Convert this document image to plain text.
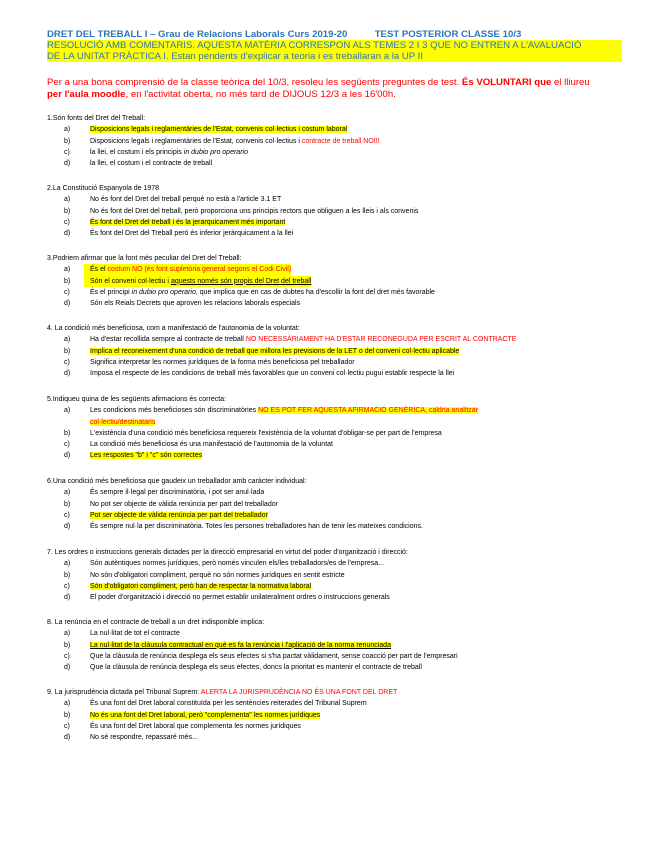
DRET DEL TREBALL I – Grau de Relacions Laborals Curs 2019-20	TEST POSTERIOR CLASSE 10/3
RESOLUCIÓ AMB COMENTARIS. AQUESTA MATÈRIA CORRESPON ALS TEMES 2 I 3 QUE NO ENTREN A L'AVALUACIÓ
DE LA UNITAT PRÀCTICA I. Estan pendents d'explicar a teoria i es treballaran a la UP II
Per a una bona comprensió de la classe teòrica del 10/3, resoleu les següents preguntes de test. És VOLUNTARI que el lliureu
per l'aula moodle, en l'activitat oberta, no més tard de DIJOUS 12/3 a les 16'00h.
1.Són fonts del Dret del Treball:
a)	Disposicions legals i reglamentàries de l'Estat, convenis col·lectius i costum laboral
b)	Disposicions legals i reglamentàries de l'Estat, convenis col·lectius i contracte de treball NO!!!
c)	la llei, el costum i els principis in dubio pro operario
d)	la llei, el costum i el contracte de treball
2.La Constitució Espanyola de 1978
a)	No és font del Dret del treball perquè no està a l'article 3.1 ET
b)	No és font del Dret del treball, però proporciona uns principis rectors que obliguen a les lleis i als convenis
c)	És font del Dret del treball i és la jerarquicament més important
d)	És font del Dret del Treball però és inferior jeràrquicament a la llei
3.Podriem afirmar que la font més peculiar del Dret del Treball:
a)	És el costum NO (és font supletòria general segons el Codi Civil)
b)	Són el conveni col·lectiu i aquests només són propis del Dret del treball
c)	És el principi in dubio pro operario, que implica que en cas de dubtes ha d'escollir la font del dret més favorable
d)	Són els Reials Decrets que aproven les relacions laborals especials
4. La condició més beneficiosa, com a manifestació de l'autonomia de la voluntat:
a)	Ha d'estar recollida sempre al contracte de treball NO NECESSÀRIAMENT HA D'ESTAR RECONEGUDA PER ESCRIT AL CONTRACTE
b)	Implica el reconeixement d'una condició de treball que millora les previsions de la LET o del conveni col·lectiu aplicable
c)	Significa interpretar les normes jurídiques de la forma més beneficiosa pel treballador
d)	Imposa el respecte de les condicions de treball més favorables que un conveni col·lectiu pugui establir respecte la llei
5.Indiqueu quina de les següents afirmacions és correcta:
a)	Les condicions més beneficioses són discriminatòries NO ES POT FER AQUESTA AFIRMACIÓ GENÈRICA, caldria analitzar
col·lectiu/destinataris
b)	L'existència d'una condició més beneficiosa requereix l'existència de la voluntat d'obligar-se per part de l'empresa
c)	La condició més beneficiosa és una manifestació de l'autonomia de la voluntat
d)	Les respostes "b" i "c" són correctes
6.Una condició més beneficiosa que gaudeix un treballador amb caràcter individual:
a)	És sempre il·legal per discriminatòria, i pot ser anul·lada
b)	No pot ser objecte de vàlida renúncia per part del treballador
c)	Pot ser objecte de vàlida renúncia per part del treballador
d)	És sempre nul·la per discriminatòria. Totes les persones treballadores han de tenir les mateixes condicions.
7. Les ordres o instruccions generals dictades per la direcció empresarial en virtut del poder d'organització i direcció:
a)	Són autèntiques normes jurídiques, però només vinculen els/les treballadors/es de l'empresa...
b)	No són d'obligatori compliment, perquè no són normes jurídiques en sentit estricte
c)	Són d'obligatori compliment, però han de respectar la normativa laboral
d)	El poder d'organització i direcció no permet establir unilateralment ordres o instruccions generals
8. La renúncia en el contracte de treball a un dret indisponible implica:
a)	La nul·litat de tot el contracte
b)	La nul·litat de la clàusula contractual en què es fa la renúncia i l'aplicació de la norma renunciada
c)	Que la clàusula de renúncia desplega els seus efectes si s'ha pactat vàlidament, sense coacció per part de l'empresari
d)	Que la clàusula de renúncia desplega els seus efectes, doncs la prioritat es mantenir el contracte de treball
9. La jurisprudència dictada pel Tribunal Suprem: ALERTA LA JURISPRUDÈNCIA NO ÉS UNA FONT DEL DRET
a)	És una font del Dret laboral constituïda per les sentències reiterades del Tribunal Suprem
b)	No és una font del Dret laboral, però "complementa" les normes jurídiques
c)	És una font del Dret laboral que complementa les normes jurídiques
d)	No sé respondre, repassaré més...
